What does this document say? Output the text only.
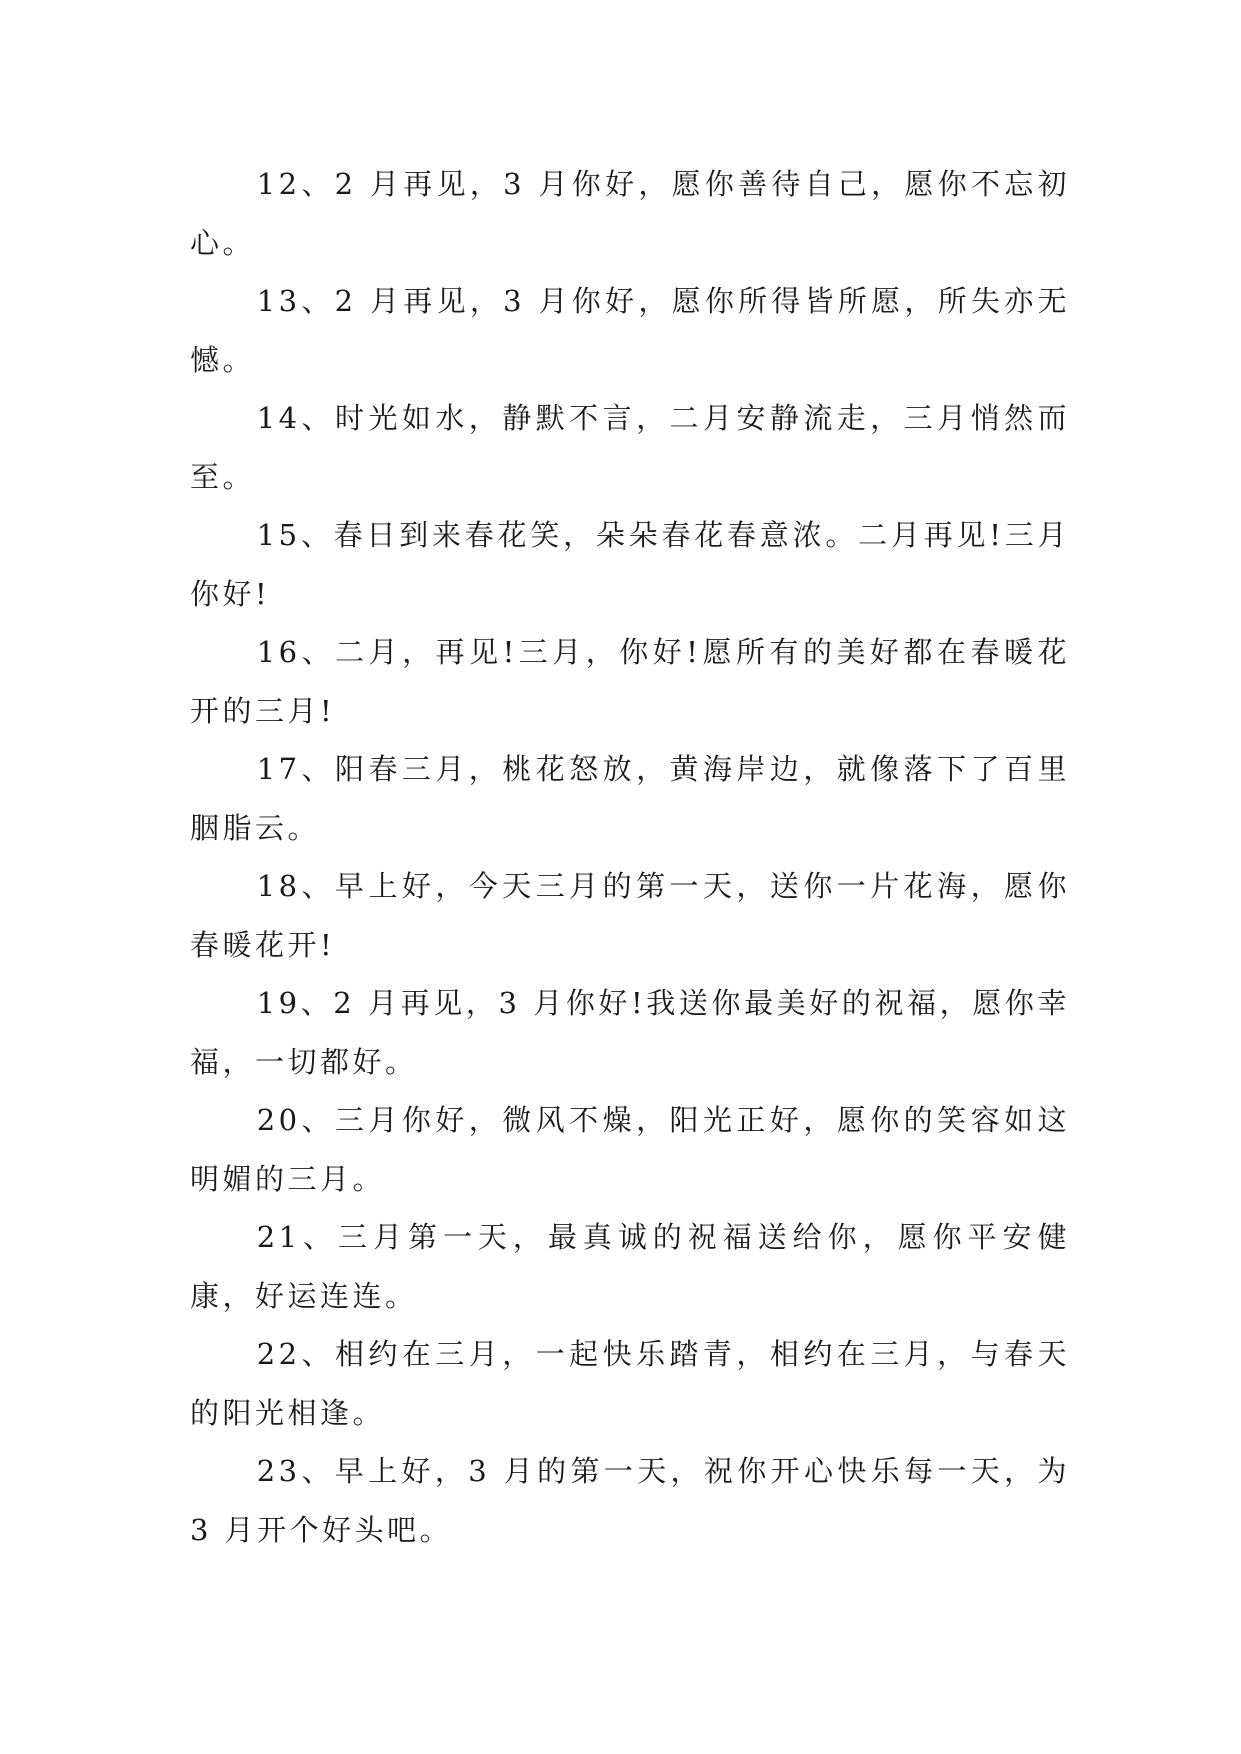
12、2 月再见，3 月你好，愿你善待自己，愿你不忘初心。

13、2 月再见，3 月你好，愿你所得皆所愿，所失亦无憾。

14、时光如水，静默不言，二月安静流走，三月悄然而至。

15、春日到来春花笑，朵朵春花春意浓。二月再见!三月你好!

16、二月，再见!三月，你好!愿所有的美好都在春暖花开的三月!

17、阳春三月，桃花怒放，黄海岸边，就像落下了百里胭脂云。

18、早上好，今天三月的第一天，送你一片花海，愿你春暖花开!

19、2 月再见，3 月你好!我送你最美好的祝福，愿你幸福，一切都好。

20、三月你好，微风不燥，阳光正好，愿你的笑容如这明媚的三月。

21、三月第一天，最真诚的祝福送给你，愿你平安健康，好运连连。

22、相约在三月，一起快乐踏青，相约在三月，与春天的阳光相逢。

23、早上好，3 月的第一天，祝你开心快乐每一天，为3 月开个好头吧。
